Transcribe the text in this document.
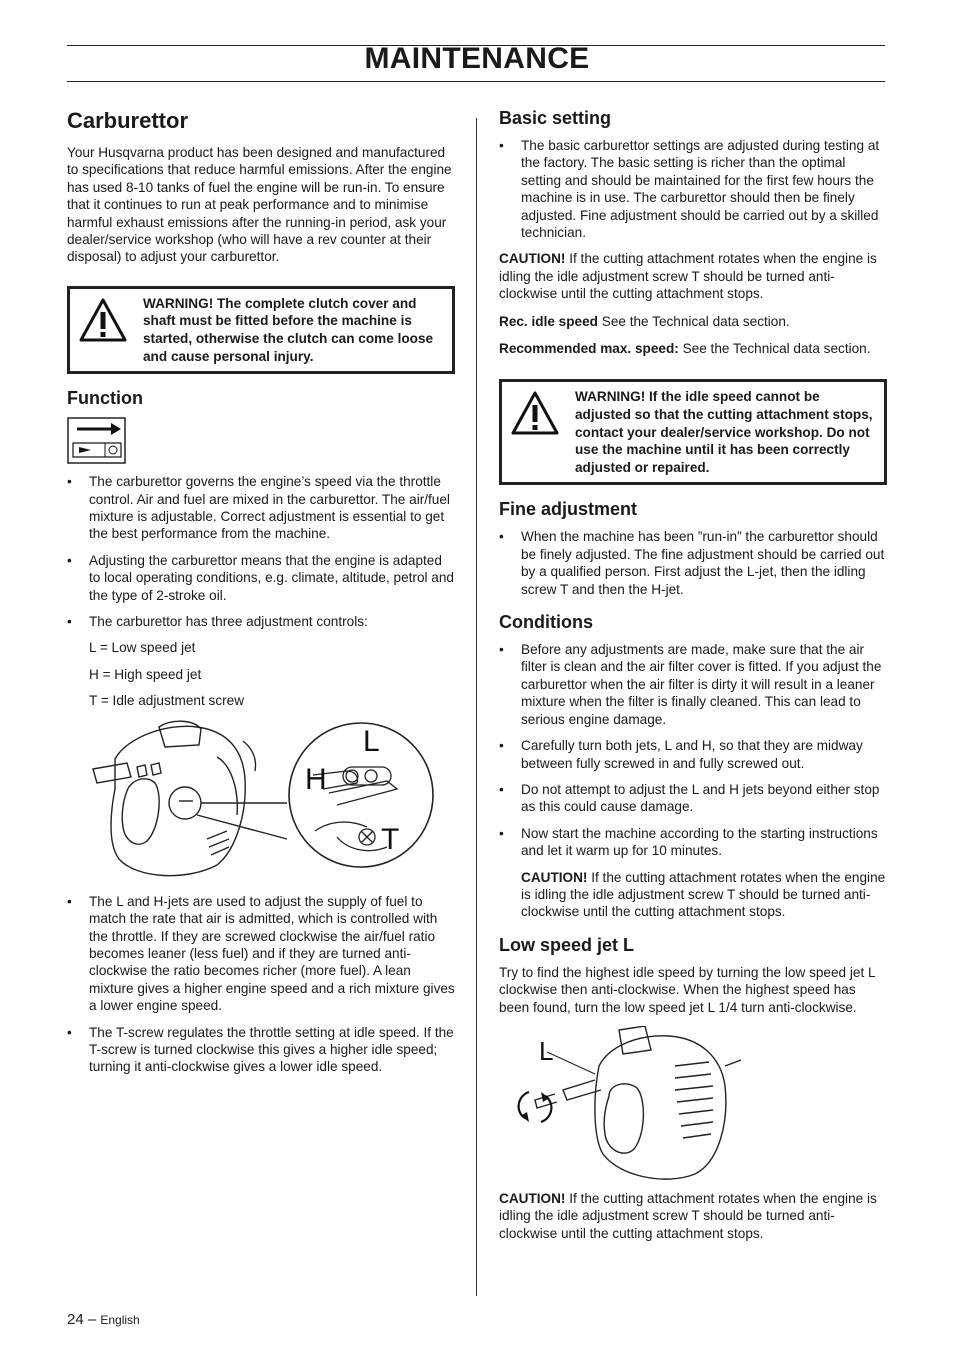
MAINTENANCE
Carburettor

Your Husqvarna product has been designed and manufactured to specifications that reduce harmful emissions. After the engine has used 8-10 tanks of fuel the engine will be run-in. To ensure that it continues to run at peak performance and to minimise harmful exhaust emissions after the running-in period, ask your dealer/service workshop (who will have a rev counter at their disposal) to adjust your carburettor.

WARNING! The complete clutch cover and shaft must be fitted before the machine is started, otherwise the clutch can come loose and cause personal injury.
Function
• The carburettor governs the engine’s speed via the throttle control. Air and fuel are mixed in the carburettor. The air/fuel mixture is adjustable. Correct adjustment is essential to get the best performance from the machine.
• Adjusting the carburettor means that the engine is adapted to local operating conditions, e.g. climate, altitude, petrol and the type of 2-stroke oil.
• The carburettor has three adjustment controls:
L = Low speed jet
H = High speed jet
T = Idle adjustment screw
L
H
T
• The L and H-jets are used to adjust the supply of fuel to match the rate that air is admitted, which is controlled with the throttle. If they are screwed clockwise the air/fuel ratio becomes leaner (less fuel) and if they are turned anti-clockwise the ratio becomes richer (more fuel). A lean mixture gives a higher engine speed and a rich mixture gives a lower engine speed.
• The T-screw regulates the throttle setting at idle speed. If the T-screw is turned clockwise this gives a higher idle speed; turning it anti-clockwise gives a lower idle speed.
Basic setting
• The basic carburettor settings are adjusted during testing at the factory. The basic setting is richer than the optimal setting and should be maintained for the first few hours the machine is in use. The carburettor should then be finely adjusted. Fine adjustment should be carried out by a skilled technician.

CAUTION! If the cutting attachment rotates when the engine is idling the idle adjustment screw T should be turned anti-clockwise until the cutting attachment stops.

Rec. idle speed See the Technical data section.

Recommended max. speed: See the Technical data section.

WARNING! If the idle speed cannot be adjusted so that the cutting attachment stops, contact your dealer/service workshop. Do not use the machine until it has been correctly adjusted or repaired.
Fine adjustment
• When the machine has been ”run-in” the carburettor should be finely adjusted. The fine adjustment should be carried out by a qualified person. First adjust the L-jet, then the idling screw T and then the H-jet.
Conditions
• Before any adjustments are made, make sure that the air filter is clean and the air filter cover is fitted. If you adjust the carburettor when the air filter is dirty it will result in a leaner mixture when the filter is finally cleaned. This can lead to serious engine damage.
• Carefully turn both jets, L and H, so that they are midway between fully screwed in and fully screwed out.
• Do not attempt to adjust the L and H jets beyond either stop as this could cause damage.
• Now start the machine according to the starting instructions and let it warm up for 10 minutes.
CAUTION! If the cutting attachment rotates when the engine is idling the idle adjustment screw T should be turned anti-clockwise until the cutting attachment stops.
Low speed jet L

Try to find the highest idle speed by turning the low speed jet L clockwise then anti-clockwise. When the highest speed has been found, turn the low speed jet L 1/4 turn anti-clockwise.

L

CAUTION! If the cutting attachment rotates when the engine is idling the idle adjustment screw T should be turned anti-clockwise until the cutting attachment stops.

24 – English
